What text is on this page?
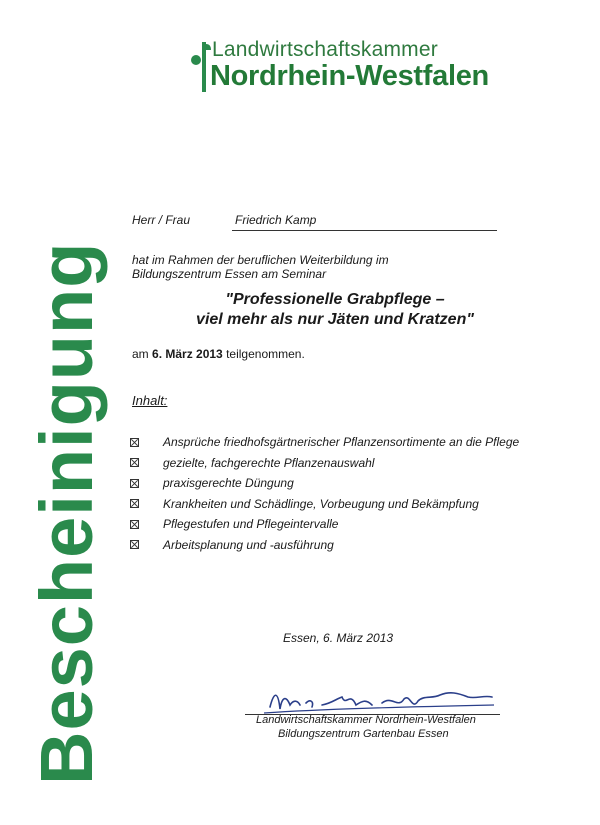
Landwirtschaftskammer
Nordrhein-Westfalen
Bescheinigung
Herr / Frau	Friedrich Kamp
hat im Rahmen der beruflichen Weiterbildung im
Bildungszentrum Essen am Seminar
"Professionelle Grabpflege –
viel mehr als nur Jäten und Kratzen"
am 6. März 2013 teilgenommen.
Inhalt:
Ansprüche friedhofsgärtnerischer Pflanzensortimente an die Pflege
gezielte, fachgerechte Pflanzenauswahl
praxisgerechte Düngung
Krankheiten und Schädlinge, Vorbeugung und Bekämpfung
Pflegestufen und Pflegeintervalle
Arbeitsplanung und -ausführung
Essen, 6. März 2013
Landwirtschaftskammer Nordrhein-Westfalen
Bildungszentrum Gartenbau Essen
